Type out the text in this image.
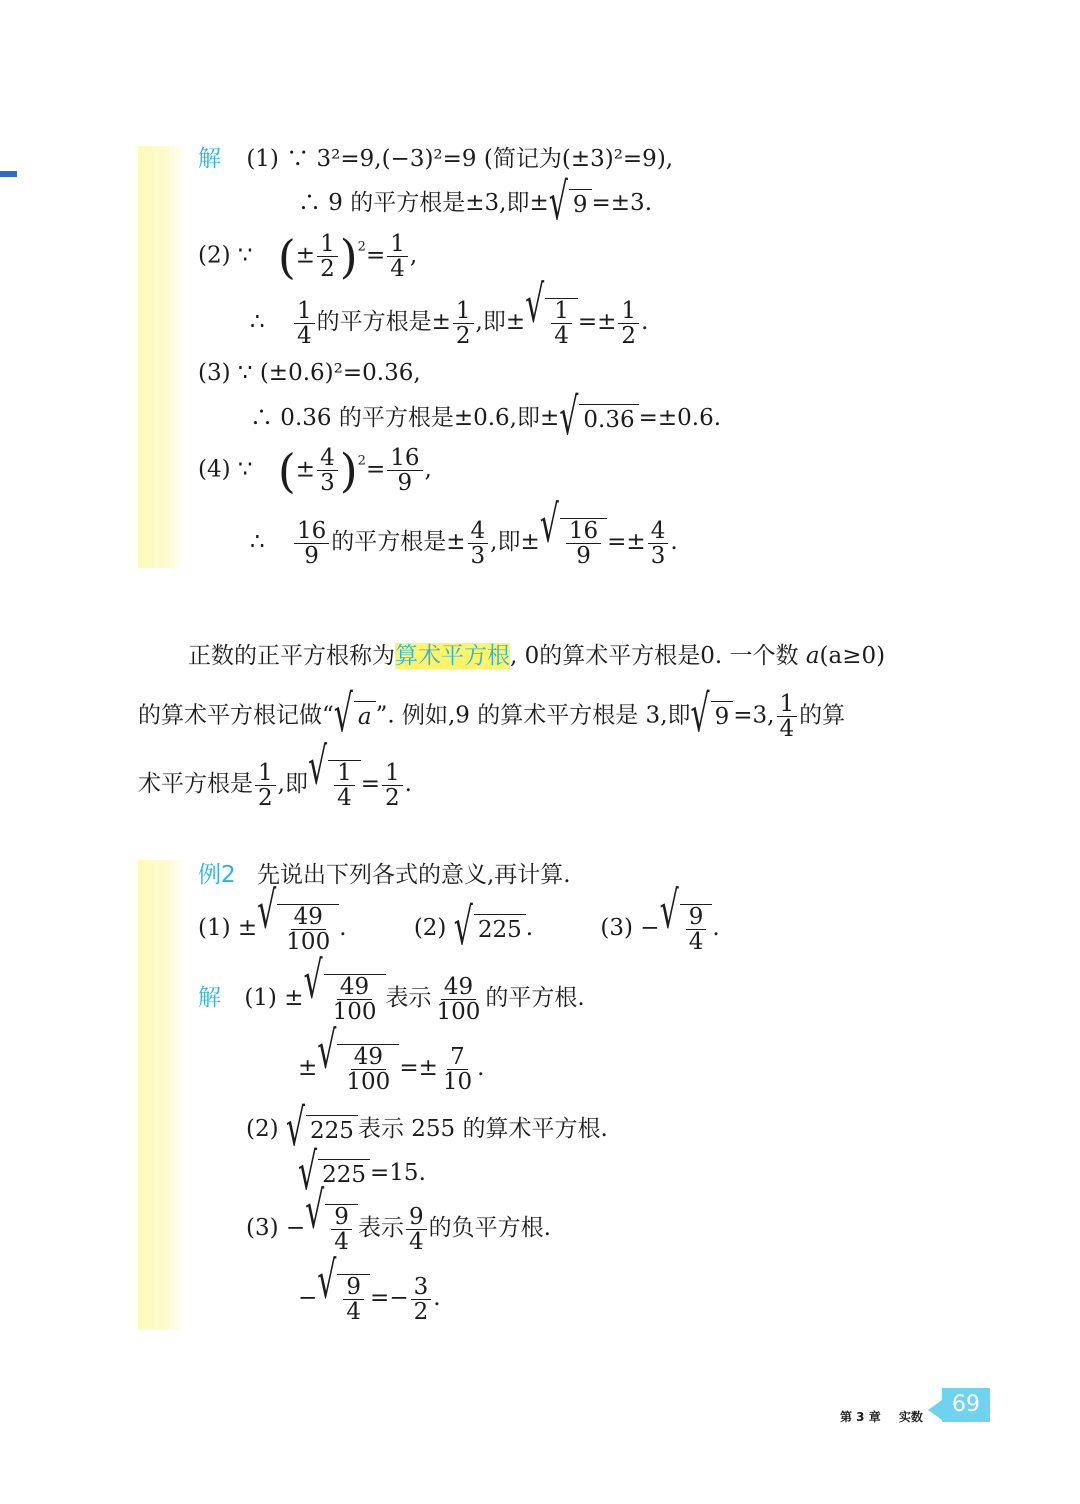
解 (1) ∵ 3²=9,(−3)²=9 (简记为(±3)²=9),
∴ 9 的平方根是±3,即± √ 9 =±3.
(2) ∵ (± $\frac{1}{2} )^2= \frac{1}{4}$ ,
∴ $\frac{1}{4}$ 的平方根是± $\frac{1}{2}$ ,即± √ $\frac{1}{4} =\pm \frac{1}{2}$ .
(3) ∵ (±0.6)²=0.36,
∴ 0.36 的平方根是±0.6,即± √ 0.36 =±0.6.
(4) ∵ (± $\frac{4}{3} )^2= \frac{16}{9}$ ,
∴ $\frac{16}{9}$ 的平方根是± $\frac{4}{3}$ ,即± √ $\frac{16}{9} =\pm \frac{4}{3}$ .
正数的正平方根称为算术平方根, 0的算术平方根是0. 一个数 a(a≥0)
的算术平方根记做“ √ a ”. 例如,9 的算术平方根是 3,即 √ 9 =3, $\frac{1}{4}$ 的算
术平方根是 $\frac{1}{2}$ ,即 √ $\frac{1}{4} = \frac{1}{2}$ .
例2 先说出下列各式的意义,再计算.
(1) ± √ $\frac{49}{100}$ .	(2) √ 225 .	(3) − √ $\frac{9}{4}$ .
解 (1) ± √ $\frac{49}{100}$ 表示 $\frac{49}{100}$ 的平方根.
± √ $\frac{49}{100} =\pm \frac{7}{10}$ .
(2) √ 225 表示 255 的算术平方根.
√ 225 =15.
(3) − √ $\frac{9}{4}$ 表示 $\frac{9}{4}$ 的负平方根.
− √ $\frac{9}{4} =- \frac{3}{2}$ .
第 3 章 实数	69
